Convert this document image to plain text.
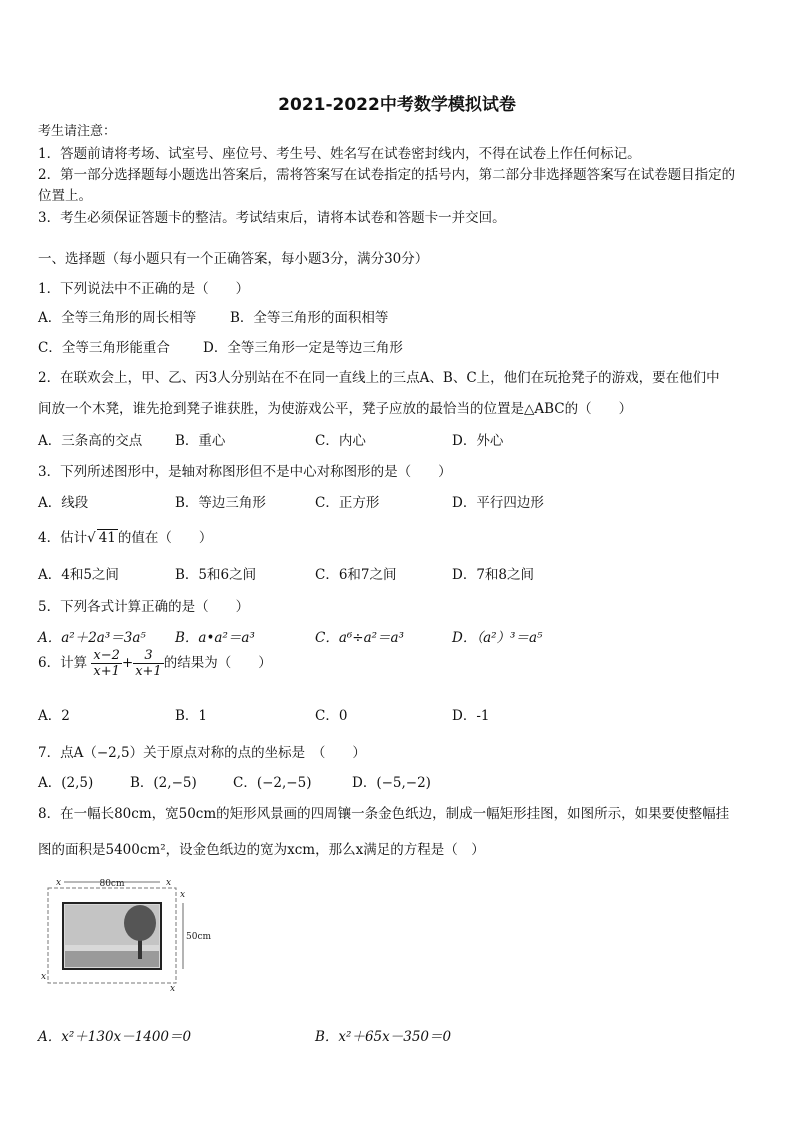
2021-2022中考数学模拟试卷
考生请注意：
1．答题前请将考场、试室号、座位号、考生号、姓名写在试卷密封线内，不得在试卷上作任何标记。
2．第一部分选择题每小题选出答案后，需将答案写在试卷指定的括号内，第二部分非选择题答案写在试卷题目指定的
位置上。
3．考生必须保证答题卡的整洁。考试结束后，请将本试卷和答题卡一并交回。
一、选择题（每小题只有一个正确答案，每小题3分，满分30分）
1．下列说法中不正确的是（　　）
A．全等三角形的周长相等	B．全等三角形的面积相等
C．全等三角形能重合 D．全等三角形一定是等边三角形
2．在联欢会上，甲、乙、丙3人分别站在不在同一直线上的三点A、B、C上，他们在玩抢凳子的游戏，要在他们中
间放一个木凳，谁先抢到凳子谁获胜，为使游戏公平，凳子应放的最恰当的位置是△ABC的（　　）
A．三条高的交点 B．重心	C．内心	D．外心
3．下列所述图形中，是轴对称图形但不是中心对称图形的是（　　）
A．线段	B．等边三角形	C．正方形	D．平行四边形
4．估计√ 41 的值在（　　）
A．4和5之间	B．5和6之间	C．6和7之间	D．7和8之间
5．下列各式计算正确的是（　　）
A．a²＋2a³＝3a⁵ B．a•a²＝a³	C．a⁶÷a²＝a³	D．（a²）³＝a⁵
6．计算 $\frac{x-2}{x+1} + \frac{3}{x+1}$ 的结果为（　　）
A．2	B．1	C．0	D．-1
7．点A（−2,5）关于原点对称的点的坐标是　（　　）
A．(2,5)	B．(2,−5)	C．(−2,−5)	D．(−5,−2)
8．在一幅长80cm，宽50cm的矩形风景画的四周镶一条金色纸边，制成一幅矩形挂图，如图所示，如果要使整幅挂
图的面积是5400cm²，设金色纸边的宽为xcm，那么x满足的方程是（　）
80cm
x	x
50cm
x
x
x
A．x²＋130x－1400＝0	B．x²＋65x－350＝0
